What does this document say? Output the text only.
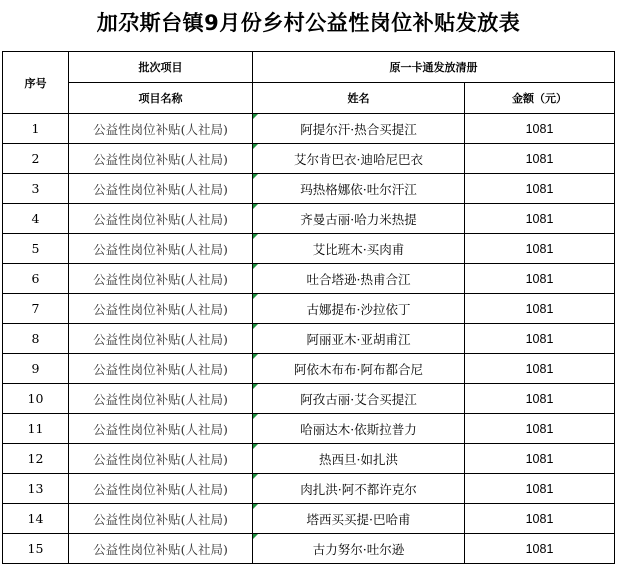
加尕斯台镇9月份乡村公益性岗位补贴发放表
序号	批次项目	原一卡通发放清册	
	项目名称	姓名	金额（元）
1	公益性岗位补贴(人社局)	阿提尔汗·热合买提江	1081
2	公益性岗位补贴(人社局)	艾尔肯巴衣·迪哈尼巴衣	1081
3	公益性岗位补贴(人社局)	玛热格娜依·吐尔汗江	1081
4	公益性岗位补贴(人社局)	齐曼古丽·哈力米热提	1081
5	公益性岗位补贴(人社局)	艾比班木·买肉甫	1081
6	公益性岗位补贴(人社局)	吐合塔逊·热甫合江	1081
7	公益性岗位补贴(人社局)	古娜提布·沙拉依丁	1081
8	公益性岗位补贴(人社局)	阿丽亚木·亚胡甫江	1081
9	公益性岗位补贴(人社局)	阿依木布布·阿布都合尼	1081
10	公益性岗位补贴(人社局)	阿孜古丽·艾合买提江	1081
11	公益性岗位补贴(人社局)	哈丽达木·依斯拉普力	1081
12	公益性岗位补贴(人社局)	热西旦·如扎洪	1081
13	公益性岗位补贴(人社局)	肉扎洪·阿不都许克尔	1081
14	公益性岗位补贴(人社局)	塔西买买提·巴哈甫	1081
15	公益性岗位补贴(人社局)	古力努尔·吐尔逊	1081
